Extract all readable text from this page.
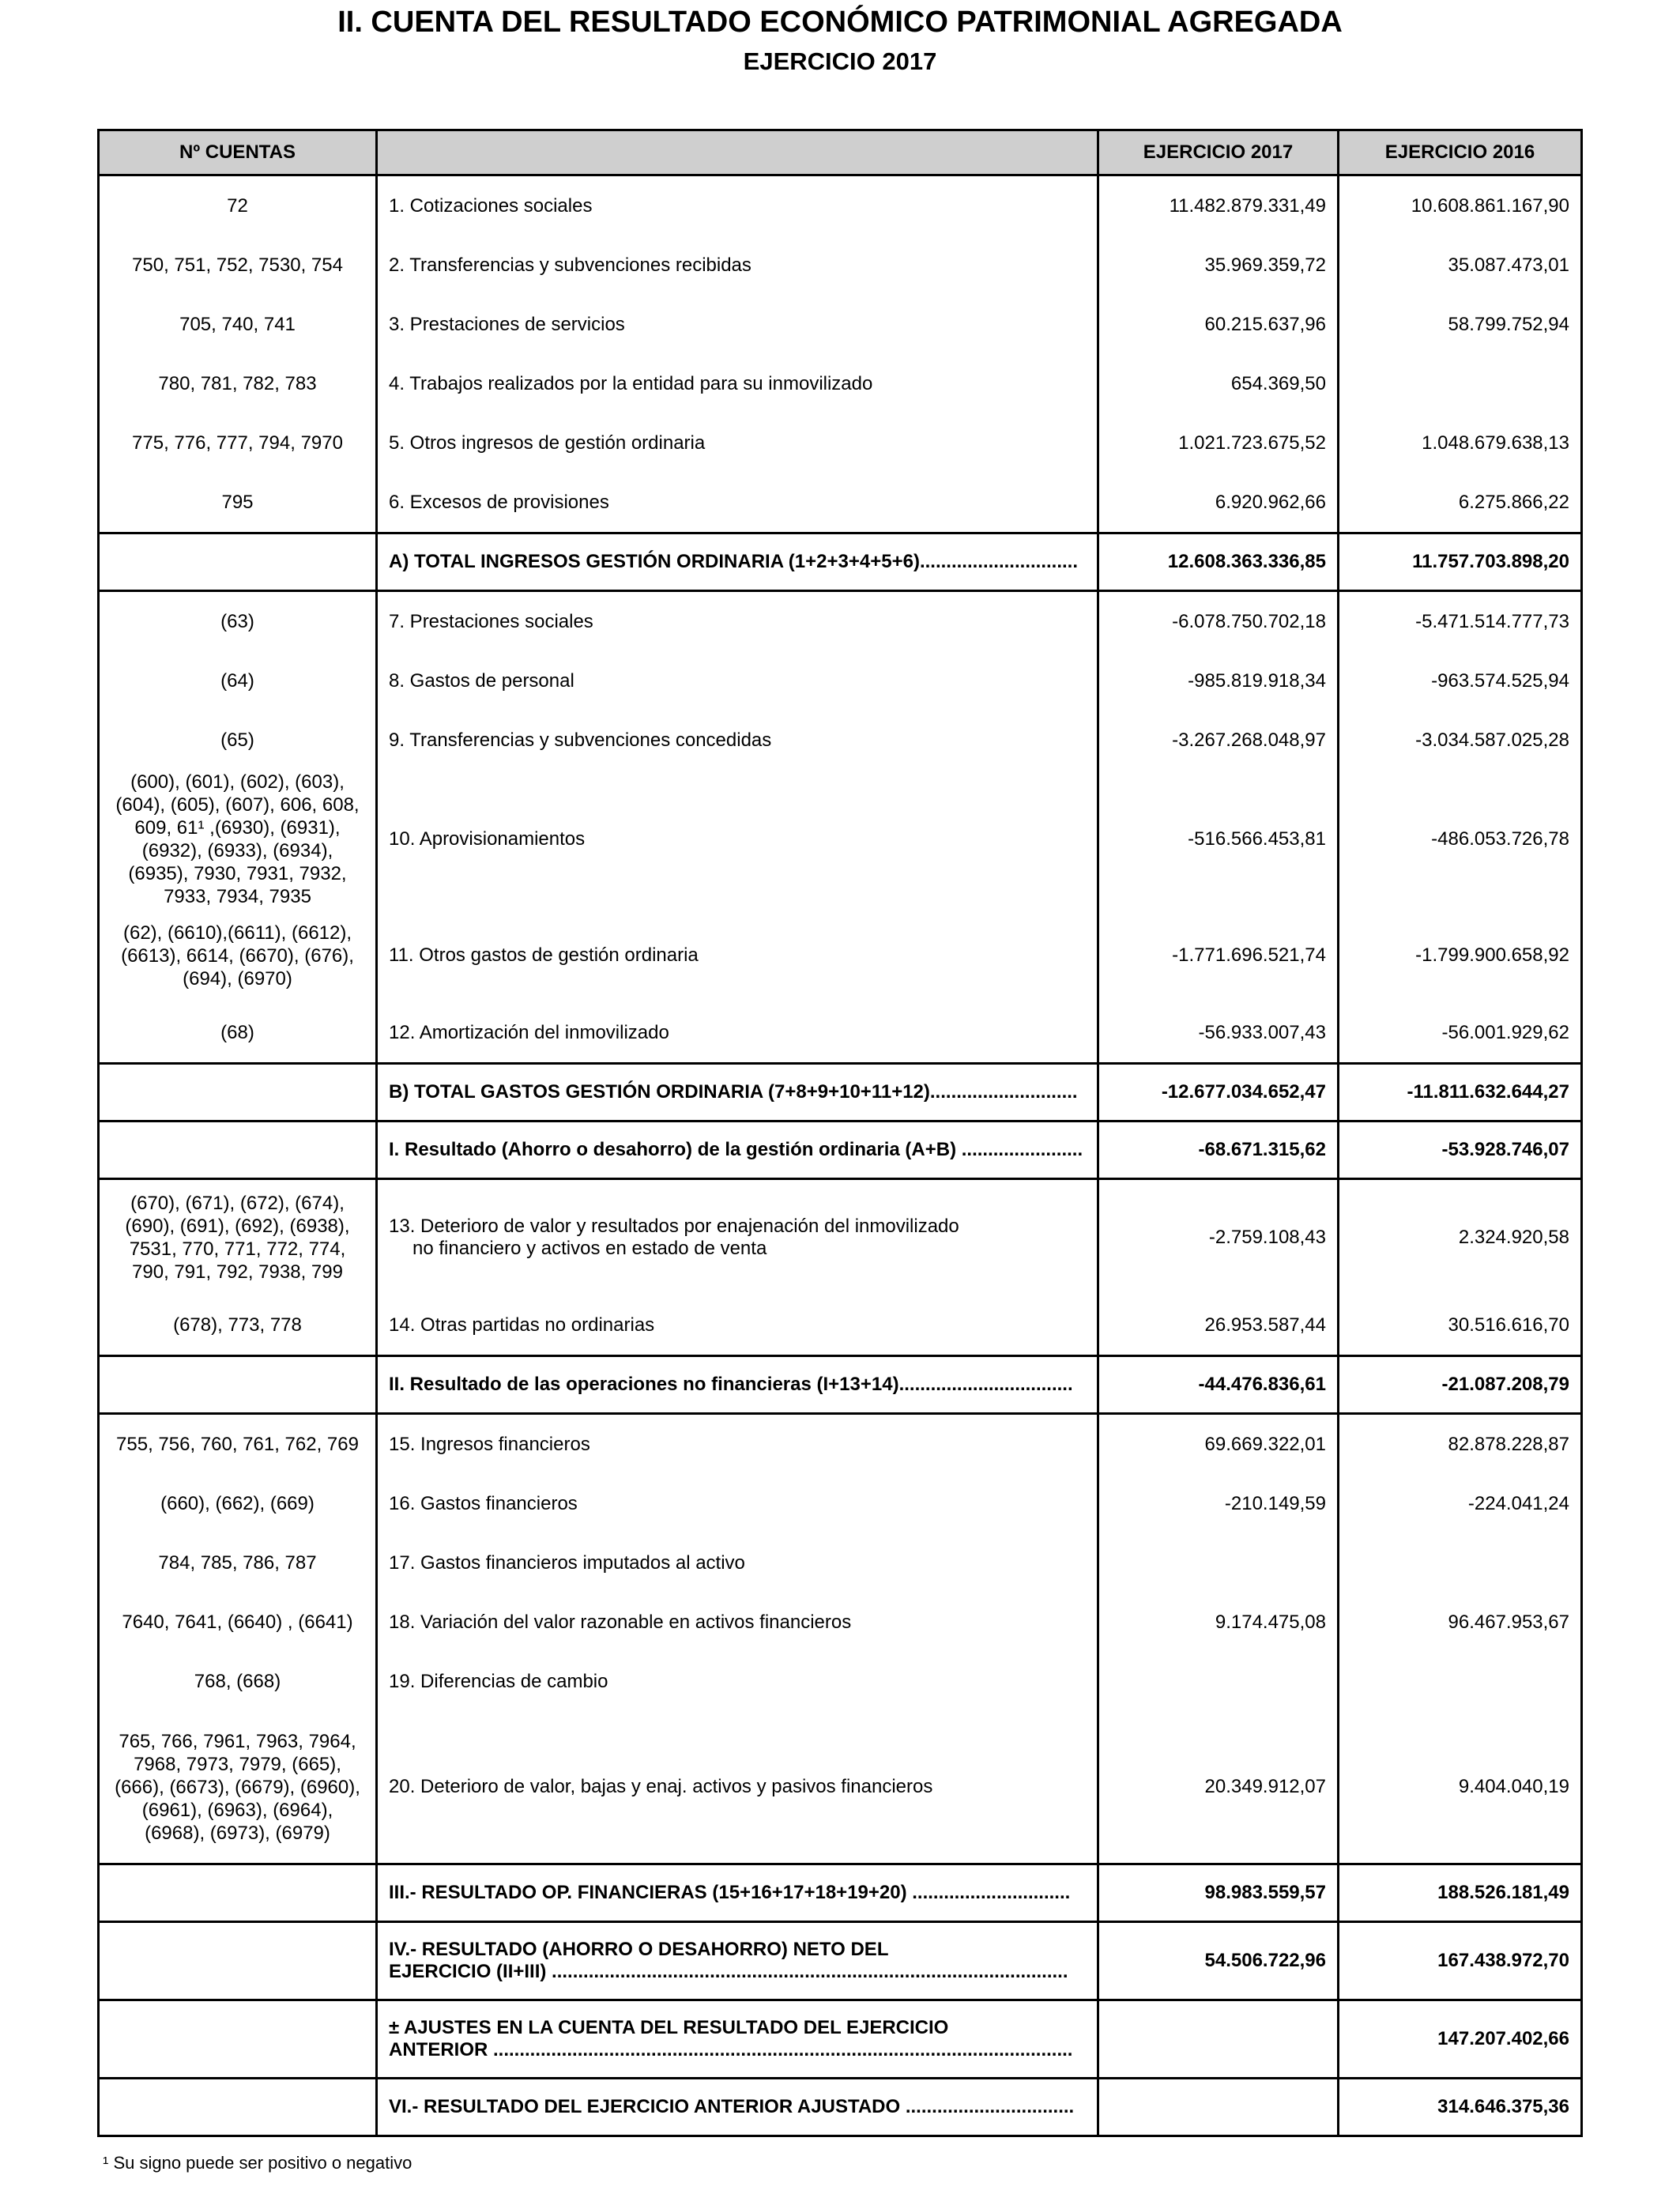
II. CUENTA DEL RESULTADO ECONÓMICO PATRIMONIAL AGREGADA
EJERCICIO 2017
Nº CUENTAS		EJERCICIO 2017	EJERCICIO 2016
72	1. Cotizaciones sociales	11.482.879.331,49	10.608.861.167,90
750, 751, 752, 7530, 754	2. Transferencias y subvenciones recibidas	35.969.359,72	35.087.473,01
705, 740, 741	3. Prestaciones de servicios	60.215.637,96	58.799.752,94
780, 781, 782, 783	4. Trabajos realizados por la entidad para su inmovilizado	654.369,50	
775, 776, 777, 794, 7970	5. Otros ingresos de gestión ordinaria	1.021.723.675,52	1.048.679.638,13
795	6. Excesos de provisiones	6.920.962,66	6.275.866,22
	A) TOTAL INGRESOS GESTIÓN ORDINARIA (1+2+3+4+5+6)..............................	12.608.363.336,85	11.757.703.898,20
(63)	7. Prestaciones sociales	-6.078.750.702,18	-5.471.514.777,73
(64)	8. Gastos de personal	-985.819.918,34	-963.574.525,94
(65)	9. Transferencias y subvenciones concedidas	-3.267.268.048,97	-3.034.587.025,28
(600), (601), (602), (603), (604), (605), (607), 606, 608, 609, 61¹ ,(6930), (6931), (6932), (6933), (6934), (6935), 7930, 7931, 7932, 7933, 7934, 7935	10. Aprovisionamientos	-516.566.453,81	-486.053.726,78
(62), (6610),(6611), (6612), (6613), 6614, (6670), (676), (694), (6970)	11. Otros gastos de gestión ordinaria	-1.771.696.521,74	-1.799.900.658,92
(68)	12. Amortización del inmovilizado	-56.933.007,43	-56.001.929,62
	B) TOTAL GASTOS GESTIÓN ORDINARIA (7+8+9+10+11+12)............................	-12.677.034.652,47	-11.811.632.644,27
	I. Resultado (Ahorro o desahorro) de la gestión ordinaria (A+B) .......................	-68.671.315,62	-53.928.746,07
(670), (671), (672), (674), (690), (691), (692), (6938), 7531, 770, 771, 772, 774, 790, 791, 792, 7938, 799	13. Deterioro de valor y resultados por enajenación del inmovilizado
no financiero y activos en estado de venta	-2.759.108,43	2.324.920,58
(678), 773, 778	14. Otras partidas no ordinarias	26.953.587,44	30.516.616,70
	II. Resultado de las operaciones no financieras (I+13+14).................................	-44.476.836,61	-21.087.208,79
755, 756, 760, 761, 762, 769	15. Ingresos financieros	69.669.322,01	82.878.228,87
(660), (662), (669)	16. Gastos financieros	-210.149,59	-224.041,24
784, 785, 786, 787	17. Gastos financieros imputados al activo		
7640, 7641, (6640) , (6641)	18. Variación del valor razonable en activos financieros	9.174.475,08	96.467.953,67
768, (668)	19. Diferencias de cambio		
765, 766, 7961, 7963, 7964, 7968, 7973, 7979, (665), (666), (6673), (6679), (6960), (6961), (6963), (6964), (6968), (6973), (6979)	20. Deterioro de valor, bajas y enaj. activos y pasivos financieros	20.349.912,07	9.404.040,19
	III.- RESULTADO OP. FINANCIERAS (15+16+17+18+19+20) ..............................	98.983.559,57	188.526.181,49
	IV.- RESULTADO (AHORRO O DESAHORRO) NETO DEL
EJERCICIO (II+III) ..................................................................................................	54.506.722,96	167.438.972,70
	± AJUSTES EN LA CUENTA DEL RESULTADO DEL EJERCICIO
ANTERIOR ..............................................................................................................		147.207.402,66
	VI.- RESULTADO DEL EJERCICIO ANTERIOR AJUSTADO ................................		314.646.375,36
¹ Su signo puede ser positivo o negativo
